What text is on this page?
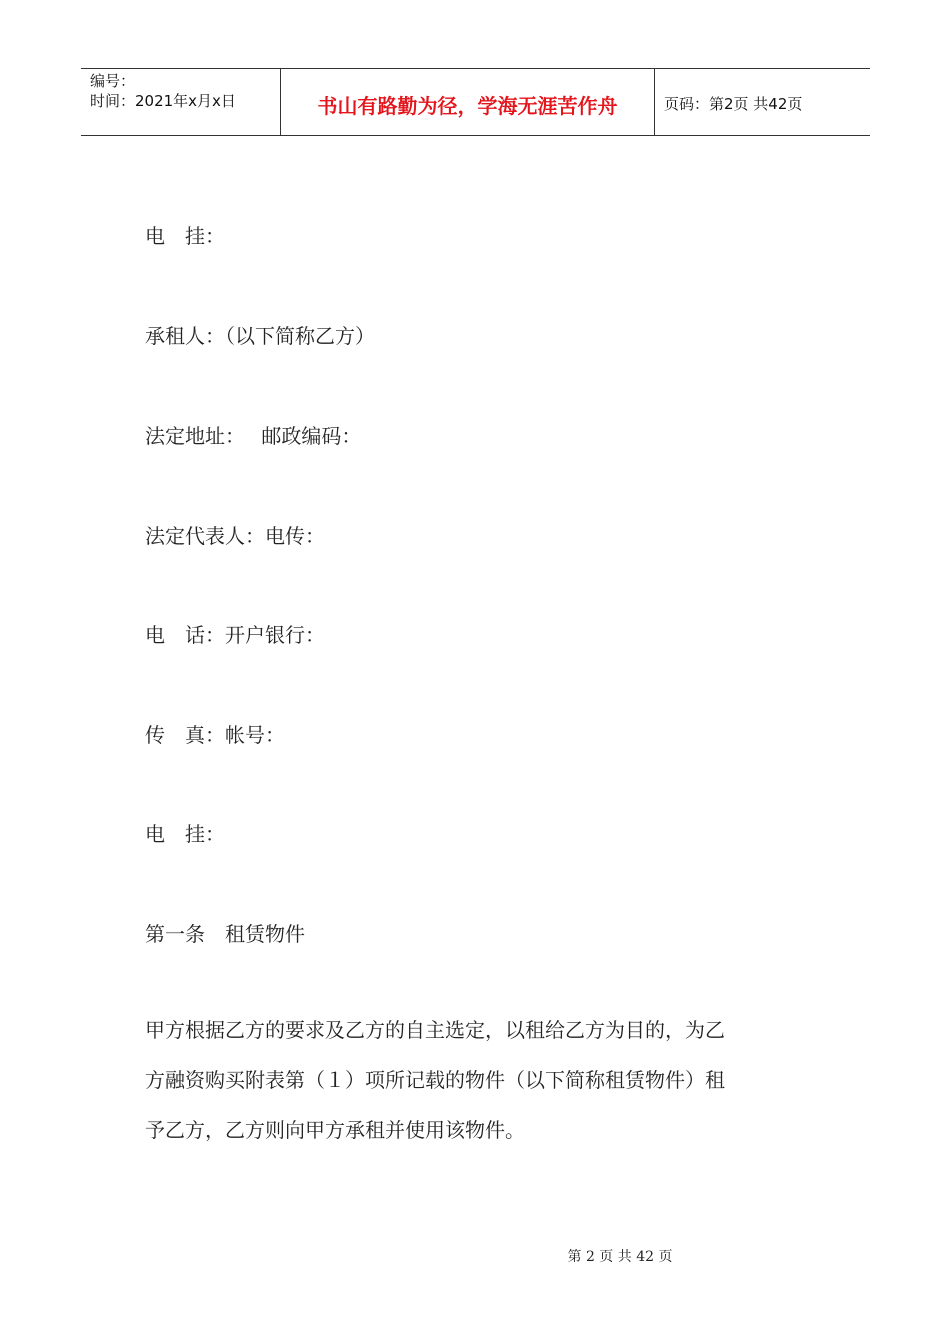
编号：
时间：2021年x月x日	书山有路勤为径，学海无涯苦作舟	页码：第2页 共42页
电　挂：
承租人：（以下简称乙方）
法定地址：　 邮政编码：
法定代表人：电传：
电　话：开户银行：
传　真：帐号：
电　挂：
第一条　租赁物件
甲方根据乙方的要求及乙方的自主选定，以租给乙方为目的，为乙
方融资购买附表第（１）项所记载的物件（以下简称租赁物件）租
予乙方，乙方则向甲方承租并使用该物件。
第 2 页 共 42 页
